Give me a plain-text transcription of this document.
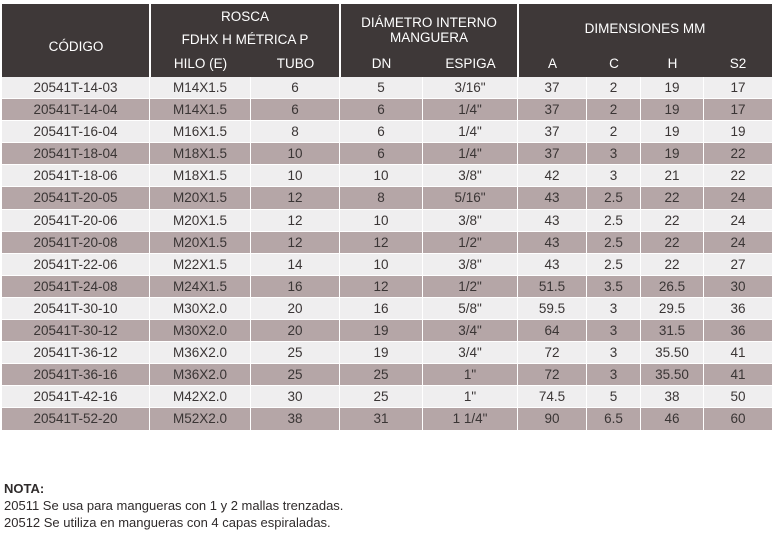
CÓDIGO
ROSCA
FDHX H MÉTRICA P
HILO (E)	TUBO
DIÁMETRO INTERNO
MANGUERA
DN	ESPIGA
DIMENSIONES MM
A	C	H	S2
20541T-14-03	M14X1.5	6	5	3/16"	37	2	19	17
20541T-14-04	M14X1.5	6	6	1/4"	37	2	19	17
20541T-16-04	M16X1.5	8	6	1/4"	37	2	19	19
20541T-18-04	M18X1.5	10	6	1/4"	37	3	19	22
20541T-18-06	M18X1.5	10	10	3/8"	42	3	21	22
20541T-20-05	M20X1.5	12	8	5/16"	43	2.5	22	24
20541T-20-06	M20X1.5	12	10	3/8"	43	2.5	22	24
20541T-20-08	M20X1.5	12	12	1/2"	43	2.5	22	24
20541T-22-06	M22X1.5	14	10	3/8"	43	2.5	22	27
20541T-24-08	M24X1.5	16	12	1/2"	51.5	3.5	26.5	30
20541T-30-10	M30X2.0	20	16	5/8"	59.5	3	29.5	36
20541T-30-12	M30X2.0	20	19	3/4"	64	3	31.5	36
20541T-36-12	M36X2.0	25	19	3/4"	72	3	35.50	41
20541T-36-16	M36X2.0	25	25	1"	72	3	35.50	41
20541T-42-16	M42X2.0	30	25	1"	74.5	5	38	50
20541T-52-20	M52X2.0	38	31	1 1/4"	90	6.5	46	60
NOTA:
20511 Se usa para mangueras con 1 y 2 mallas trenzadas.
20512 Se utiliza en mangueras con 4 capas espiraladas.
